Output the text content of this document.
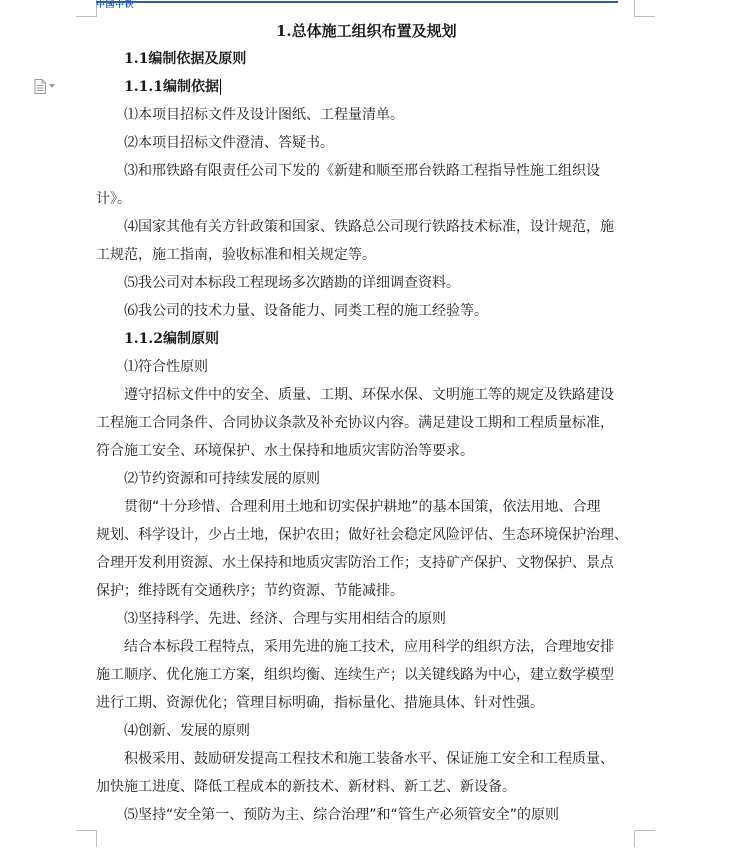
中国中铁
1.总体施工组织布置及规划
1.1编制依据及原则
1.1.1编制依据
⑴本项目招标文件及设计图纸、工程量清单。
⑵本项目招标文件澄清、答疑书。
⑶和邢铁路有限责任公司下发的《新建和顺至邢台铁路工程指导性施工组织设
计》。
⑷国家其他有关方针政策和国家、铁路总公司现行铁路技术标准，设计规范，施
工规范，施工指南，验收标准和相关规定等。
⑸我公司对本标段工程现场多次踏勘的详细调查资料。
⑹我公司的技术力量、设备能力、同类工程的施工经验等。
1.1.2编制原则
⑴符合性原则
遵守招标文件中的安全、质量、工期、环保水保、文明施工等的规定及铁路建设
工程施工合同条件、合同协议条款及补充协议内容。满足建设工期和工程质量标准，
符合施工安全、环境保护、水土保持和地质灾害防治等要求。
⑵节约资源和可持续发展的原则
贯彻“十分珍惜、合理利用土地和切实保护耕地”的基本国策，依法用地、合理
规划、科学设计，少占土地，保护农田；做好社会稳定风险评估、生态环境保护治理、
合理开发利用资源、水土保持和地质灾害防治工作；支持矿产保护、文物保护、景点
保护；维持既有交通秩序；节约资源、节能减排。
⑶坚持科学、先进、经济、合理与实用相结合的原则
结合本标段工程特点，采用先进的施工技术，应用科学的组织方法，合理地安排
施工顺序、优化施工方案，组织均衡、连续生产；以关键线路为中心，建立数学模型
进行工期、资源优化；管理目标明确，指标量化、措施具体、针对性强。
⑷创新、发展的原则
积极采用、鼓励研发提高工程技术和施工装备水平、保证施工安全和工程质量、
加快施工进度、降低工程成本的新技术、新材料、新工艺、新设备。
⑸坚持“安全第一、预防为主、综合治理”和“管生产必须管安全”的原则
